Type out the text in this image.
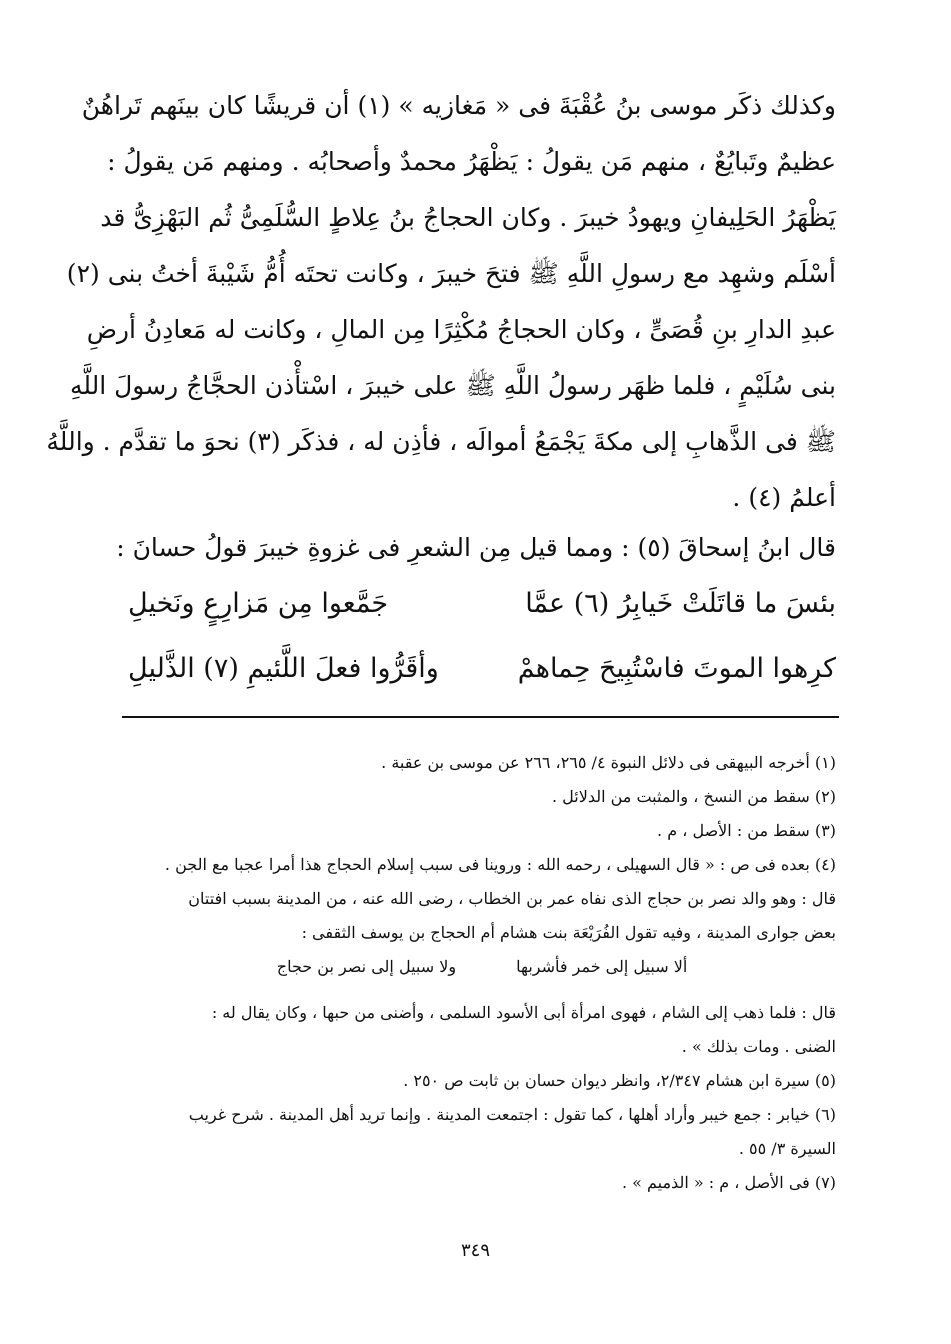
وكذلك ذكَر موسى بنُ عُقْبَةَ فى « مَغازيه » (١) أن قريشًا كان بينَهم تَراهُنٌ
عظيمٌ وتَبايُعٌ ، منهم مَن يقولُ : يَظْهَرُ محمدٌ وأصحابُه . ومنهم مَن يقولُ :
يَظْهَرُ الحَلِيفانِ ويهودُ خيبرَ . وكان الحجاجُ بنُ عِلاطٍ السُّلَمِىُّ ثُم البَهْزِىُّ قد
أسْلَم وشهِد مع رسولِ اللَّهِ ﷺ فتحَ خيبرَ ، وكانت تحتَه أُمُّ شَيْبةَ أختُ بنى (٢)
عبدِ الدارِ بنِ قُصَىٍّ ، وكان الحجاجُ مُكْثِرًا مِن المالِ ، وكانت له مَعادِنُ أرضِ
بنى سُلَيْمٍ ، فلما ظهَر رسولُ اللَّهِ ﷺ على خيبرَ ، اسْتأْذن الحجَّاجُ رسولَ اللَّهِ
ﷺ فى الذَّهابِ إلى مكةَ يَجْمَعُ أموالَه ، فأذِن له ، فذكَر (٣) نحوَ ما تقدَّم . واللَّهُ
أعلمُ (٤) .
قال ابنُ إسحاقَ (٥) : ومما قيل مِن الشعرِ فى غزوةِ خيبرَ قولُ حسانَ :
بئسَ ما قاتَلَتْ خَيابِرُ (٦) عمَّا
جَمَّعوا مِن مَزارِعٍ ونَخيلِ
كرِهوا الموتَ فاسْتُبِيحَ حِماهمْ
وأقَرُّوا فعلَ اللَّئيمِ (٧) الذَّليلِ
(١) أخرجه البيهقى فى دلائل النبوة ٤/ ٢٦٥، ٢٦٦ عن موسى بن عقبة .
(٢) سقط من النسخ ، والمثبت من الدلائل .
(٣) سقط من : الأصل ، م .
(٤) بعده فى ص : « قال السهيلى ، رحمه الله : وروينا فى سبب إسلام الحجاج هذا أمرا عجبا مع الجن .
قال : وهو والد نصر بن حجاج الذى نفاه عمر بن الخطاب ، رضى الله عنه ، من المدينة بسبب افتتان
بعض جوارى المدينة ، وفيه تقول الفُرَيْعَة بنت هشام أم الحجاج بن يوسف الثقفى :
ألا سبيل إلى خمر فأشربها
ولا سبيل إلى نصر بن حجاج
قال : فلما ذهب إلى الشام ، فهوى امرأة أبى الأسود السلمى ، وأضنى من حبها ، وكان يقال له :
الضنى . ومات بذلك » .
(٥) سيرة ابن هشام ٢/٣٤٧، وانظر ديوان حسان بن ثابت ص ٢٥٠ .
(٦) خيابر : جمع خيبر وأراد أهلها ، كما تقول : اجتمعت المدينة . وإنما تريد أهل المدينة . شرح غريب
السيرة ٣/ ٥٥ .
(٧) فى الأصل ، م : « الذميم » .
٣٤٩
